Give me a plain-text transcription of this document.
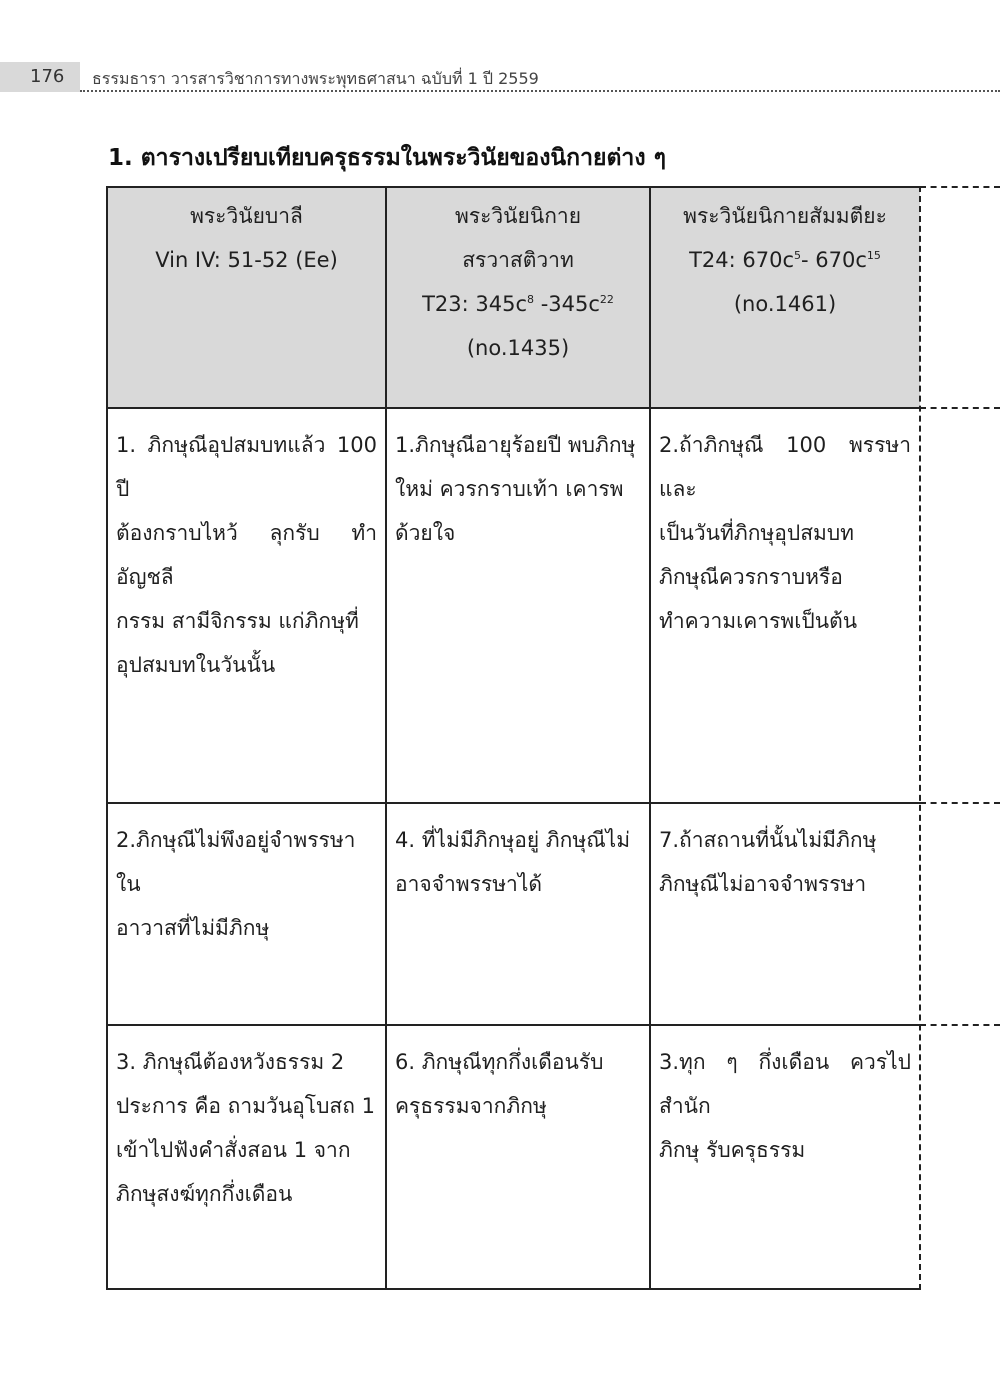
176 ธรรมธารา วารสารวิชาการทางพระพุทธศาสนา ฉบับที่ 1 ปี 2559
1. ตารางเปรียบเทียบครุธรรมในพระวินัยของนิกายต่าง ๆ
พระวินัยบาลี
Vin IV: 51-52 (Ee)
พระวินัยนิกาย
สรวาสติวาท
T23: $345c^8$ $-345c^{22}$
(no.1435)
พระวินัยนิกายสัมมตียะ
T24: $670c^5-$ $670c^{15}$
(no.1461)
1. ภิกษุณีอุปสมบทแล้ว 100 ปี
ต้องกราบไหว้ ลุกรับ ทำอัญชลี
กรรม สามีจิกรรม แก่ภิกษุที่
อุปสมบทในวันนั้น
1.ภิกษุณีอายุร้อยปี พบภิกษุ
ใหม่ ควรกราบเท้า เคารพ
ด้วยใจ
2.ถ้าภิกษุณี 100 พรรษา และ
เป็นวันที่ภิกษุอุปสมบท
ภิกษุณีควรกราบหรือ
ทำความเคารพเป็นต้น
2.ภิกษุณีไม่พึงอยู่จำพรรษาใน
อาวาสที่ไม่มีภิกษุ
4. ที่ไม่มีภิกษุอยู่ ภิกษุณีไม่
อาจจำพรรษาได้
7.ถ้าสถานที่นั้นไม่มีภิกษุ
ภิกษุณีไม่อาจจำพรรษา
3. ภิกษุณีต้องหวังธรรม 2
ประการ คือ ถามวันอุโบสถ 1
เข้าไปฟังคำสั่งสอน 1 จาก
ภิกษุสงฆ์ทุกกึ่งเดือน
6. ภิกษุณีทุกกึ่งเดือนรับ
ครุธรรมจากภิกษุ
3.ทุก ๆ กึ่งเดือน ควรไปสำนัก
ภิกษุ รับครุธรรม
